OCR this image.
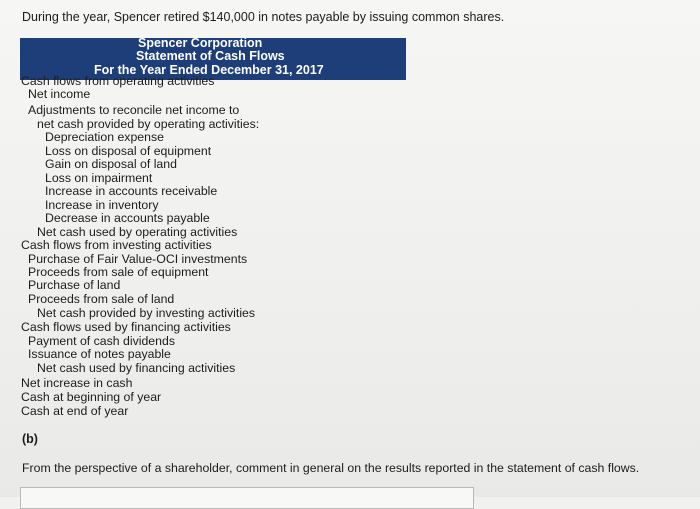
During the year, Spencer retired $140,000 in notes payable by issuing common shares.
Spencer Corporation
Statement of Cash Flows
For the Year Ended December 31, 2017
Cash flows from operating activities
Net income
Adjustments to reconcile net income to
net cash provided by operating activities:
Depreciation expense
Loss on disposal of equipment
Gain on disposal of land
Loss on impairment
Increase in accounts receivable
Increase in inventory
Decrease in accounts payable
Net cash used by operating activities
Cash flows from investing activities
Purchase of Fair Value-OCI investments
Proceeds from sale of equipment
Purchase of land
Proceeds from sale of land
Net cash provided by investing activities
Cash flows used by financing activities
Payment of cash dividends
Issuance of notes payable
Net cash used by financing activities
Net increase in cash
Cash at beginning of year
Cash at end of year
(b)
From the perspective of a shareholder, comment in general on the results reported in the statement of cash flows.
